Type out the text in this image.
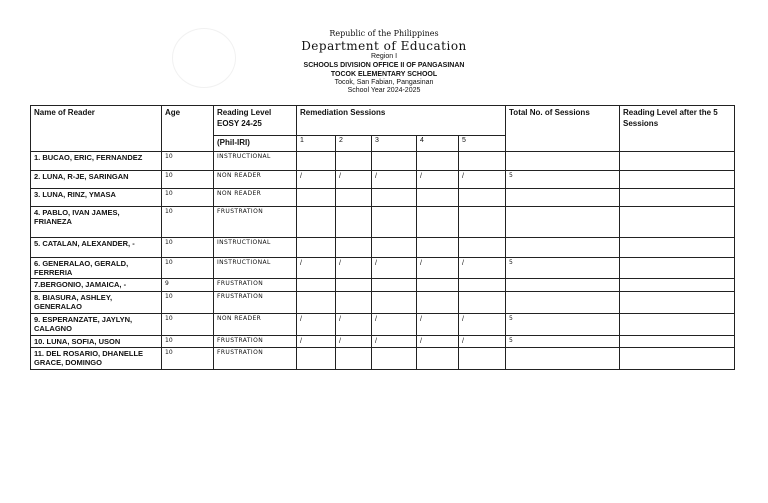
Republic of the Philippines
Department of Education
Region I
SCHOOLS DIVISION OFFICE II OF PANGASINAN
TOCOK ELEMENTARY SCHOOL
Tocok, San Fabian, Pangasinan
School Year 2024-2025
Name of Reader	Age	Reading Level EOSY 24-25	Remediation Sessions					Total No. of Sessions	Reading Level after the 5 Sessions
		(Phil-IRI)	1	2	3	4	5		
1. BUCAO, ERIC, FERNANDEZ	10	INSTRUCTIONAL							
2. LUNA, R-JE, SARINGAN	10	NON READER	/	/	/	/	/	5	
3. LUNA, RINZ, YMASA	10	NON READER							
4. PABLO, IVAN JAMES, FRIANEZA	10	FRUSTRATION							
5. CATALAN, ALEXANDER, -	10	INSTRUCTIONAL							
6. GENERALAO, GERALD, FERRERIA	10	INSTRUCTIONAL	/	/	/	/	/	5	
7.BERGONIO, JAMAICA, -	9	FRUSTRATION							
8. BIASURA, ASHLEY, GENERALAO	10	FRUSTRATION							
9. ESPERANZATE, JAYLYN, CALAGNO	10	NON READER	/	/	/	/	/	5	
10. LUNA, SOFIA, USON	10	FRUSTRATION	/	/	/	/	/	5	
11. DEL ROSARIO, DHANELLE GRACE, DOMINGO	10	FRUSTRATION							
